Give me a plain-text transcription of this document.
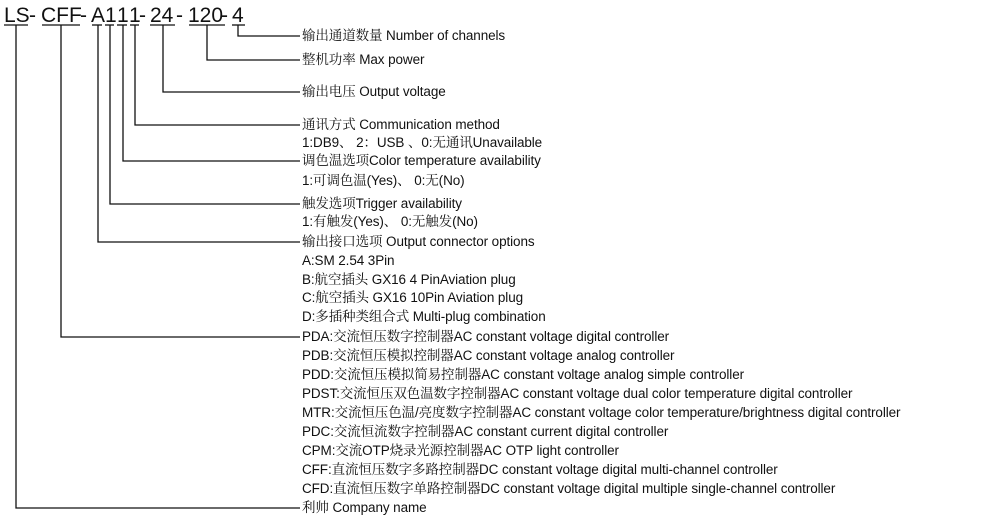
LS - CFF
- A 1 1 1
- 24 - 120
- 4
输出通道数量 Number of channels
整机功率 Max power
输出电压 Output voltage
通讯方式 Communication method
1:DB9、 2：USB 、0:无通讯Unavailable
调色温选项Color temperature availability
1:可调色温(Yes)、 0:无(No)
触发选项Trigger availability
1:有触发(Yes)、 0:无触发(No)
输出接口选项 Output connector options
A:SM 2.54 3Pin
B:航空插头 GX16 4 PinAviation plug
C:航空插头 GX16 10Pin Aviation plug
D:多插种类组合式 Multi-plug combination
PDA:交流恒压数字控制器AC constant voltage digital controller
PDB:交流恒压模拟控制器AC constant voltage analog controller
PDD:交流恒压模拟简易控制器AC constant voltage analog simple controller
PDST:交流恒压双色温数字控制器AC constant voltage dual color temperature digital controller
MTR:交流恒压色温/亮度数字控制器AC constant voltage color temperature/brightness digital controller
PDC:交流恒流数字控制器AC constant current digital controller
CPM:交流OTP烧录光源控制器AC OTP light controller
CFF:直流恒压数字多路控制器DC constant voltage digital multi-channel controller
CFD:直流恒压数字单路控制器DC constant voltage digital multiple single-channel controller
利帅 Company name
